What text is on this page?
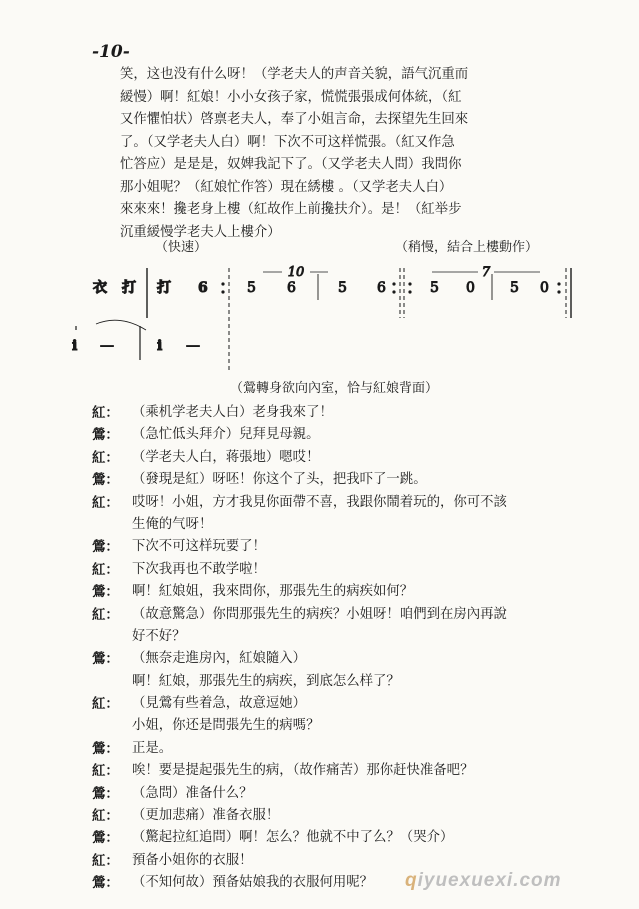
-10-
笑，这也没有什么呀！（学老夫人的声音关貌，語气沉重而
緩慢）啊！紅娘！小小女孩子家，慌慌張張成何体統，（紅
又作懼怕状）啓禀老夫人，奉了小姐言命，去探望先生回來
了。（又学老夫人白）啊！下次不可这样慌張。（紅又作急
忙答应）是是是，奴婢我記下了。（又学老夫人問）我問你
那小姐呢？（紅娘忙作答）現在綉樓 。（又学老夫人白）
來來來！攙老身上樓（紅故作上前攙扶介）。是！（紅举步
沉重緩慢学老夫人上樓介）
（快速）	（稍慢，結合上樓動作）
衣 打 打 6
10
5 6	5 6
7
5 0	5 0
i —	i —
（鶯轉身欲向內室，恰与紅娘背面）
紅： （乘机学老夫人白）老身我來了！
鶯： （急忙低头拜介）兒拜見母親。
紅： （学老夫人白，蒋張地）嗯哎！
鶯： （發現是紅）呀呸！你这个了头，把我吓了一跳。
紅： 哎呀！小姐，方才我見你面帶不喜，我跟你鬧着玩的，你可不該
生俺的气呀！
鶯： 下次不可这样玩要了！
紅： 下次我再也不敢学啦！
鶯： 啊！紅娘姐，我來問你，那張先生的病疾如何？
紅： （故意驚急）你問那張先生的病疾？小姐呀！咱們到在房內再說
好不好？
鶯： （無奈走進房內，紅娘隨入）
啊！紅娘，那張先生的病疾，到底怎么样了？
紅： （見鶯有些着急，故意逗她）
小姐，你还是問張先生的病嗎？
鶯： 正是。
紅： 唉！要是提起張先生的病，（故作痛苦）那你赶快准备吧？
鶯： （急問）准备什么？
紅： （更加悲痛）准备衣服！
鶯： （驚起拉紅追問）啊！怎么？他就不中了么？（哭介）
紅： 預备小姐你的衣服！
鶯： （不知何故）預备姑娘我的衣服何用呢？	qiyuexuexi.com
